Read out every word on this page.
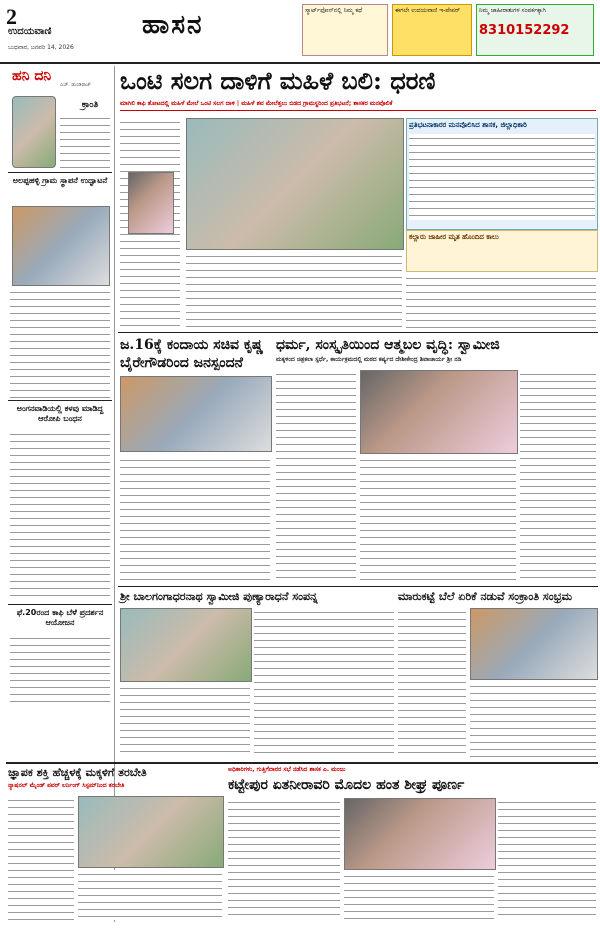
2
ಉದಯವಾಣಿ
ಬುಧವಾರ, ಜನವರಿ 14, 2026
ಹಾಸನ	ಸ್ಮಾರ್ಟ್‌ಫೋನ್‌ನಲ್ಲಿ ನಿಮ್ಮ ಕಥೆ	ಈಗಲೇ ಉದಯವಾಣಿ ಇ-ಪೇಪರ್	ನಿಮ್ಮ ಜಾಹೀರಾತುಗಳ ಸಂಪರ್ಕಕ್ಕಾಗಿ
8310152292
ಹನಿ ದನಿ
ಎಚ್. ಡುಂಡಿರಾಜ್
ಕ್ರಾಂತಿ
ಅಲಪ್ಪಹಳ್ಳಿ ಗ್ರಾಮ ಸ್ಥಾಪನೆ ಉದ್ಘಾಟನೆ
ಅಂಗನವಾಡಿಯಲ್ಲಿ ಕಳವು ಮಾಡಿದ್ದ ಆರೋಪಿ ಬಂಧನ
ಫೆ.20ರಂದ ಕಾಫಿ ಬೆಳೆ ಪ್ರದರ್ಶನ ಆಯೋಜನ
ಒಂಟಿ ಸಲಗ ದಾಳಿಗೆ ಮಹಿಳೆ ಬಲಿ: ಧರಣಿ
ಮಾಗಿಲಿ ಕಾಫಿ ತೋಟದಲ್ಲಿ ಮಹಿಳೆ ಮೇಲೆ ಒಂಟಿ ಸಲಗ ದಾಳಿ | ಮಹಿಳೆ ಶವ ಮೇಲೆತ್ತಲು ಬಿಡದ ಗ್ರಾಮಸ್ಥರಿಂದ ಪ್ರತಿಭಟನೆ; ಶಾಸಕರ ಮನವೊಲಿಕೆ
ಪ್ರತಿಭಟನಾಕಾರರ ಮನವೊಲಿಸಿದ ಶಾಸಕ, ಜಿಲ್ಲಾಧಿಕಾರಿ
ಕಲ್ಲಾರು ಜಾಹೀರ ಮೃತ ಹೊಂದಿದ ಕಾಲು
ಜ.16ಕ್ಕೆ ಕಂದಾಯ ಸಚಿವ ಕೃಷ್ಣ ಬೈರೇಗೌಡರಿಂದ ಜನಸ್ಪಂದನೆ
ಧರ್ಮ, ಸಂಸ್ಕೃತಿಯಿಂದ ಆತ್ಮಬಲ ವೃದ್ಧಿ: ಸ್ವಾಮೀಜಿ
ಮಕ್ಕಳಿಂದ ಚಿತ್ರಕಲಾ ಸ್ಪರ್ಧೆ, ಕಾರ್ಯಕ್ರಮದಲ್ಲಿ ಮಠದ ಕರ್ಷ್ಯದ ದೇಶೀಕೇಂದ್ರ ಶಿವಾಚಾರ್ಯ ಶ್ರೀ ನಡಿ
ಶ್ರೀ ಬಾಲಗಂಗಾಧರನಾಥ ಸ್ವಾಮೀಜಿ ಪುಣ್ಯಾರಾಧನೆ ಸಂಪನ್ನ	ಮಾರುಕಟ್ಟೆ ಬೆಲೆ ಏರಿಕೆ ನಡುವೆ ಸಂಕ್ರಾಂತಿ ಸಂಭ್ರಮ
ಜ್ಞಾಪಕ ಶಕ್ತಿ ಹೆಚ್ಚಳಕ್ಕೆ ಮಕ್ಕಳಿಗೆ ತರಬೇತಿ
ನ್ಯಾಷನಲ್ ಮೈಂಡ್ ಪವರ್ ಲರ್ನಿಂಗ್ ಸಿಸ್ಟಮ್‌ನಿಂದ ತರಬೇತಿ
ಅಧಿಕಾರಿಗಳು, ಗುತ್ತಿಗೆದಾರರ ಸಭೆ ನಡೆಸಿದ ಶಾಸಕ ಎ. ಮಂಜು
ಕಟ್ಟೇಪುರ ಏತನೀರಾವರಿ ಮೊದಲ ಹಂತ ಶೀಘ್ರ ಪೂರ್ಣ
